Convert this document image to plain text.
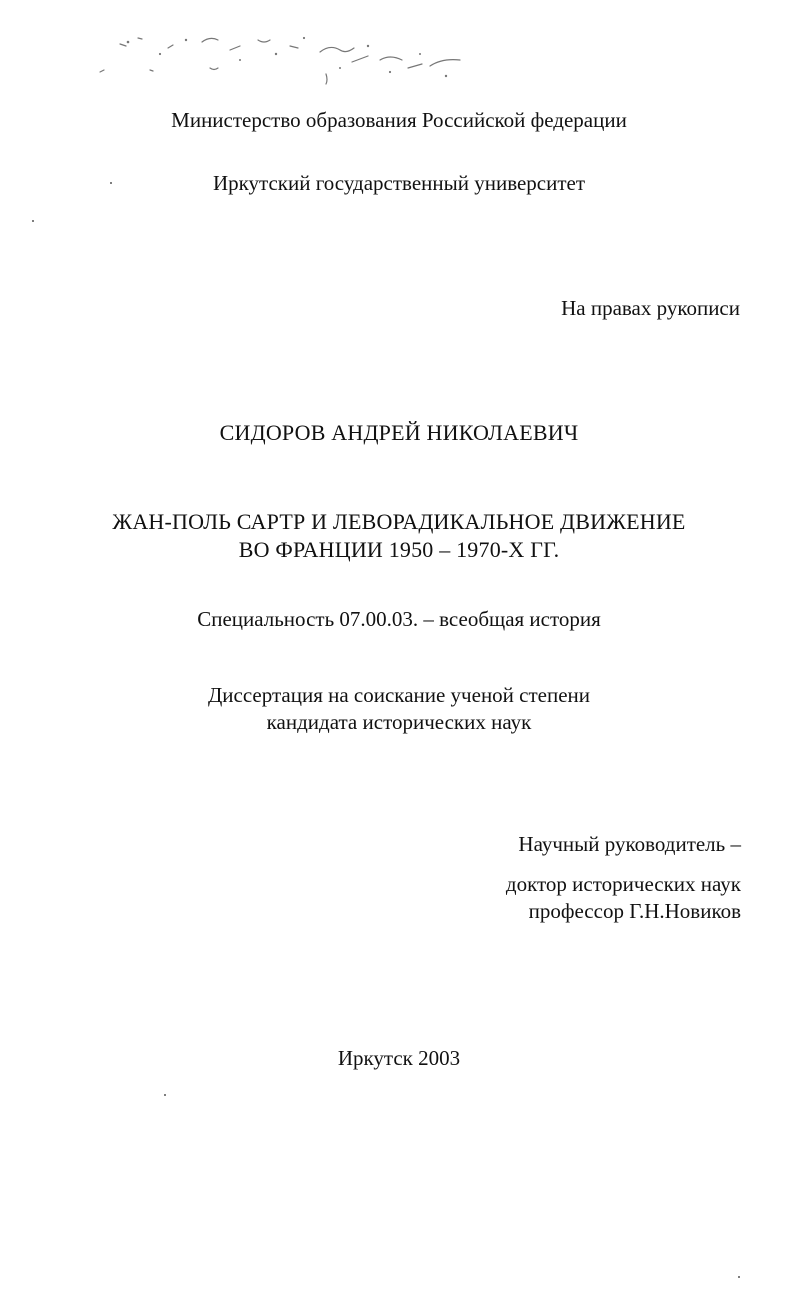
Министерство образования Российской федерации
Иркутский государственный университет
На правах рукописи
СИДОРОВ АНДРЕЙ НИКОЛАЕВИЧ
ЖАН-ПОЛЬ САРТР И ЛЕВОРАДИКАЛЬНОЕ ДВИЖЕНИЕ
ВО ФРАНЦИИ 1950 – 1970-Х ГГ.
Специальность 07.00.03. – всеобщая история
Диссертация на соискание ученой степени
кандидата исторических наук
Научный руководитель –
доктор исторических наук
профессор Г.Н.Новиков
Иркутск 2003
